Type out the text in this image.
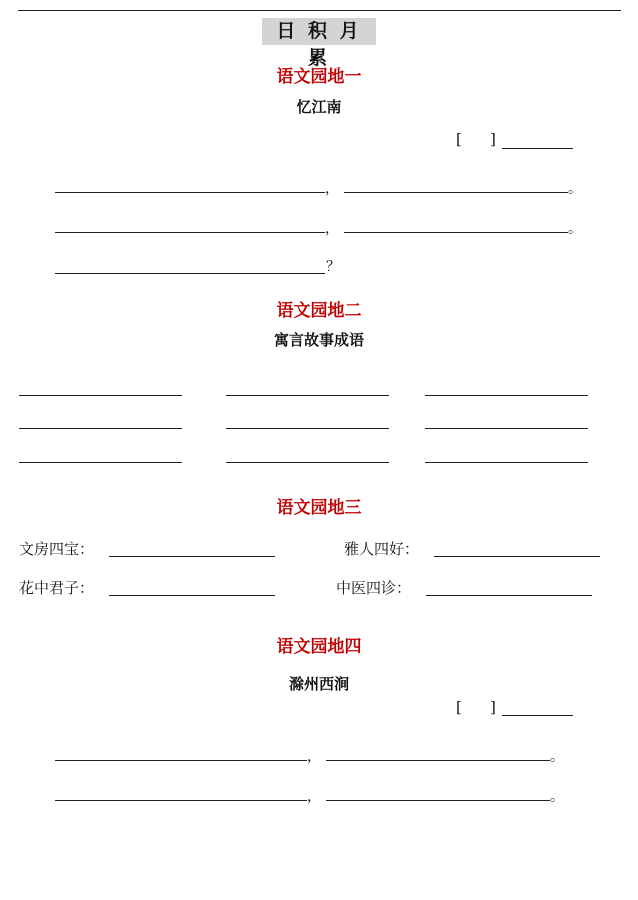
日 积 月 累
语文园地一
忆江南
[ ]
，	。
，	。
？
语文园地二
寓言故事成语
语文园地三
文房四宝：	雅人四好：
花中君子：	中医四诊：
语文园地四
滁州西涧
[ ]
，	。
，	。
